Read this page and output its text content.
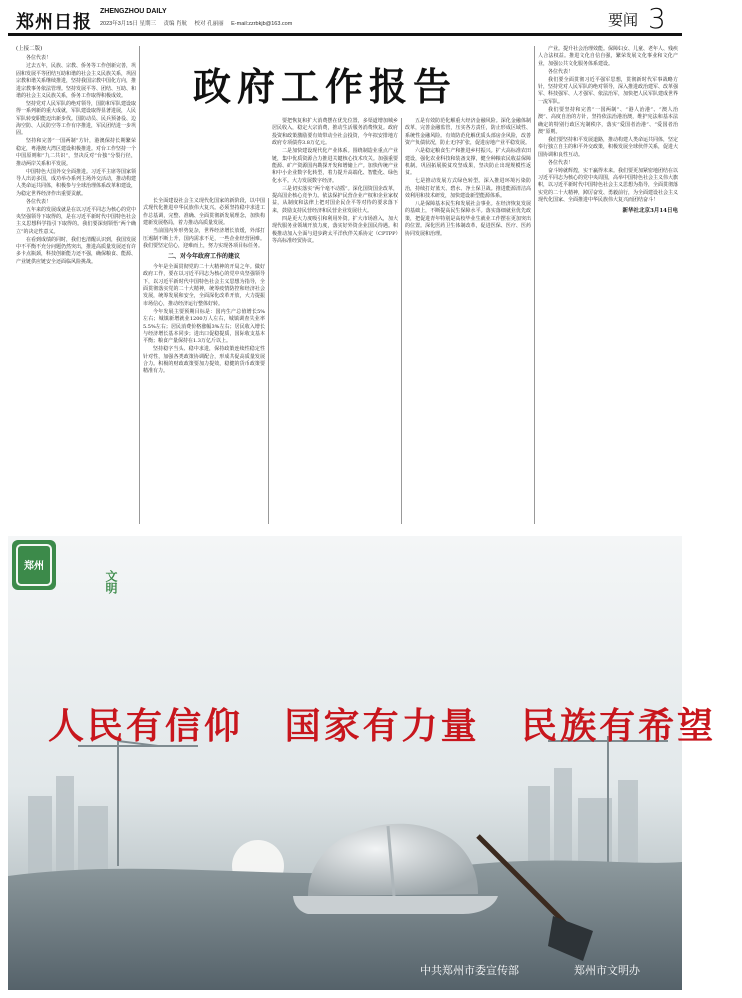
郑州日报
ZHENGZHOU DAILY
2023年3月15日 星期三 责编 肖航 校对 孔丽丽 E-mail:zzrbkjb@163.com	要闻 3
(上接二版)

各位代表！

过去五年，民族、宗教、侨务等工作创新完善，巩固和发展平等团结互助和谐的社会主义民族关系，巩固宗教和谐关系继续推进，坚持我国宗教中国化方向，推进宗教事务依法管理。坚持发展平等、团结、互助、和谐的社会主义民族关系，侨务工作取得积极成效。

坚持党对人民军队的绝对领导，国防和军队建设取得一系列新的重大成就，军队建设取得显著进展，人民军队转变职能迈出新步伐。国防动员、民兵预备役、边海空防、人民防空等工作有序推进，军民团结进一步巩固。

坚持和完善“一国两制”方针，港澳保持长期繁荣稳定，粤港澳大湾区建设积极推进。对台工作坚持一个中国原则和“九二共识”，坚决反对“台独”分裂行径，推动两岸关系和平发展。

中国特色大国外交全面推进。习近平主席等国家领导人出访多国，成功举办系列主场外交活动，推动构建人类命运共同体，积极参与全球治理体系改革和建设，为稳定世界经济作出重要贡献。

各位代表！

五年来的发展成就是在以习近平同志为核心的党中央坚强领导下取得的，是在习近平新时代中国特色社会主义思想科学指引下取得的。我们要深刻领悟“两个确立”的决定性意义。

在看到成绩的同时，我们也清醒认识到，我国发展中不平衡不充分问题仍然突出，推进高质量发展还有许多卡点瓶颈，科技创新能力还不强，确保粮食、能源、产业链供应链安全还面临风险挑战。

政府工作报告

长全面建设社会主义现代化国家的新阶段，以中国式现代化推进中华民族伟大复兴。必须坚持稳中求进工作总基调，完整、准确、全面贯彻新发展理念，加快构建新发展格局，着力推动高质量发展。

当前国内外形势复杂，世界经济增长放缓，外部打压遏制不断上升，国内需求不足，一些企业经营困难。我们要坚定信心，迎难而上，努力实现各项目标任务。

二、对今年政府工作的建议

今年是全面贯彻党的二十大精神的开局之年。做好政府工作，要在以习近平同志为核心的党中央坚强领导下，以习近平新时代中国特色社会主义思想为指导，全面贯彻落实党的二十大精神，统筹疫情防控和经济社会发展，统筹发展和安全，全面深化改革开放，大力提振市场信心，推动经济运行整体好转。

今年发展主要预期目标是：国内生产总值增长5%左右；城镇新增就业1200万人左右，城镇调查失业率5.5%左右；居民消费价格涨幅3%左右；居民收入增长与经济增长基本同步；进出口促稳提质，国际收支基本平衡；粮食产量保持在1.3万亿斤以上。

坚持稳字当头、稳中求进，保持政策连续性稳定性针对性，加强各类政策协调配合，形成共促高质量发展合力。积极的财政政策要加力提效，稳健的货币政策要精准有力。

要把恢复和扩大消费摆在优先位置，多渠道增加城乡居民收入，稳定大宗消费，推动生活服务消费恢复。政府投资和政策激励要有效带动全社会投资，今年拟安排地方政府专项债券3.8万亿元。

二是加快建设现代化产业体系。围绕制造业重点产业链，集中优质资源合力推进关键核心技术攻关。加强重要能源、矿产资源国内勘探开发和增储上产。加快传统产业和中小企业数字化转型，着力提升高端化、智能化、绿色化水平。大力发展数字经济。

三是切实落实“两个毫不动摇”。深化国资国企改革，提高国企核心竞争力。依法保护民营企业产权和企业家权益，从制度和法律上把对国企民企平等对待的要求落下来，鼓励支持民营经济和民营企业发展壮大。

四是更大力度吸引和利用外资。扩大市场准入，加大现代服务业领域开放力度，落实好外资企业国民待遇。积极推动加入全面与进步跨太平洋伙伴关系协定（CPTPP）等高标准经贸协议。

五是有效防范化解重大经济金融风险。深化金融体制改革，完善金融监管，压实各方责任，防止形成区域性、系统性金融风险。有效防范化解优质头部房企风险，改善资产负债状况，防止无序扩张，促进房地产业平稳发展。

六是稳定粮食生产和推进乡村振兴。扩大高标准农田建设，强化农业科技和装备支撑，健全种粮农民收益保障机制。巩固拓展脱贫攻坚成果，坚决防止出现规模性返贫。

七是推动发展方式绿色转型。深入推进环境污染防治，持续打好蓝天、碧水、净土保卫战。推进能源清洁高效利用和技术研发，加快建设新型能源体系。

八是保障基本民生和发展社会事业。在经济恢复发展的基础上，不断提高民生保障水平。落实落细就业优先政策，把促进青年特别是高校毕业生就业工作摆在更加突出的位置。深化医药卫生体制改革，促进医保、医疗、医药协同发展和治理。

产业。提升社会治理效能。保障妇女、儿童、老年人、残疾人合法权益。推进文化自信自强，繁荣发展文化事业和文化产业，加强公共文化服务体系建设。

各位代表！

我们要全面贯彻习近平强军思想，贯彻新时代军事战略方针，坚持党对人民军队的绝对领导，深入推进政治建军、改革强军、科技强军、人才强军、依法治军，加快把人民军队建成世界一流军队。

我们要坚持和完善“一国两制”、“港人治港”、“澳人治澳”、高度自治的方针，坚持依法治港治澳，维护宪法和基本法确定的特别行政区宪制秩序，落实“爱国者治港”、“爱国者治澳”原则。

我们要坚持和平发展道路，推动构建人类命运共同体，坚定奉行独立自主的和平外交政策，积极发展全球伙伴关系，促进大国协调和良性互动。

各位代表！

奋斗铸就辉煌，实干赢得未来。我们要更加紧密地团结在以习近平同志为核心的党中央周围，高举中国特色社会主义伟大旗帜，以习近平新时代中国特色社会主义思想为指导，全面贯彻落实党的二十大精神，踔厉奋发、勇毅前行，为全面建设社会主义现代化国家、全面推进中华民族伟大复兴而团结奋斗！

新华社北京3月14日电
郑州
文明
人民有信仰 国家有力量 民族有希望
中共郑州市委宣传部	郑州市文明办
